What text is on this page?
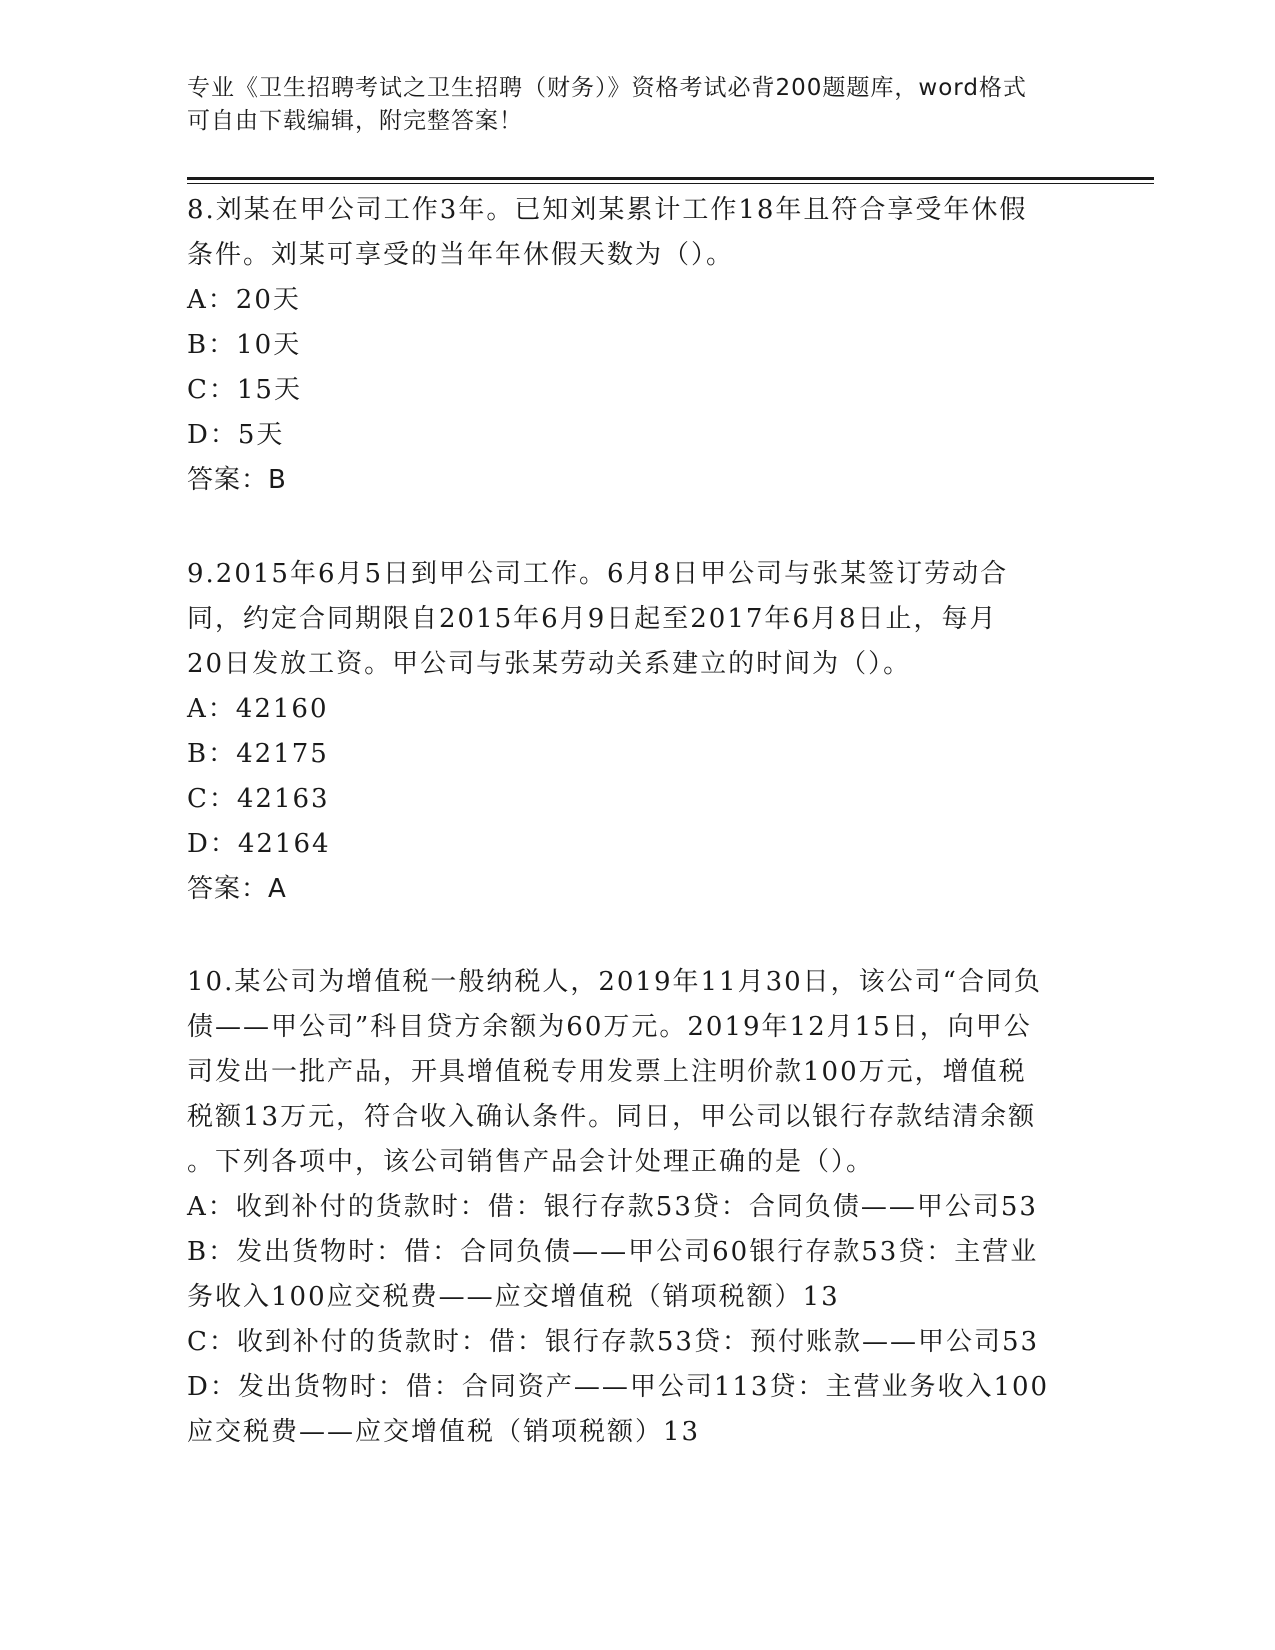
专业《卫生招聘考试之卫生招聘（财务）》资格考试必背200题题库，word格式
可自由下载编辑，附完整答案！
8.刘某在甲公司工作3年。已知刘某累计工作18年且符合享受年休假
条件。刘某可享受的当年年休假天数为（）。
A：20天
B：10天
C：15天
D：5天
答案：B
9.2015年6月5日到甲公司工作。6月8日甲公司与张某签订劳动合
同，约定合同期限自2015年6月9日起至2017年6月8日止，每月
20日发放工资。甲公司与张某劳动关系建立的时间为（）。
A：42160
B：42175
C：42163
D：42164
答案：A
10.某公司为增值税一般纳税人，2019年11月30日，该公司“合同负
债——甲公司”科目贷方余额为60万元。2019年12月15日，向甲公
司发出一批产品，开具增值税专用发票上注明价款100万元，增值税
税额13万元，符合收入确认条件。同日，甲公司以银行存款结清余额
。下列各项中，该公司销售产品会计处理正确的是（）。
A：收到补付的货款时：借：银行存款53贷：合同负债——甲公司53
B：发出货物时：借：合同负债——甲公司60银行存款53贷：主营业
务收入100应交税费——应交增值税（销项税额）13
C：收到补付的货款时：借：银行存款53贷：预付账款——甲公司53
D：发出货物时：借：合同资产——甲公司113贷：主营业务收入100
应交税费——应交增值税（销项税额）13
